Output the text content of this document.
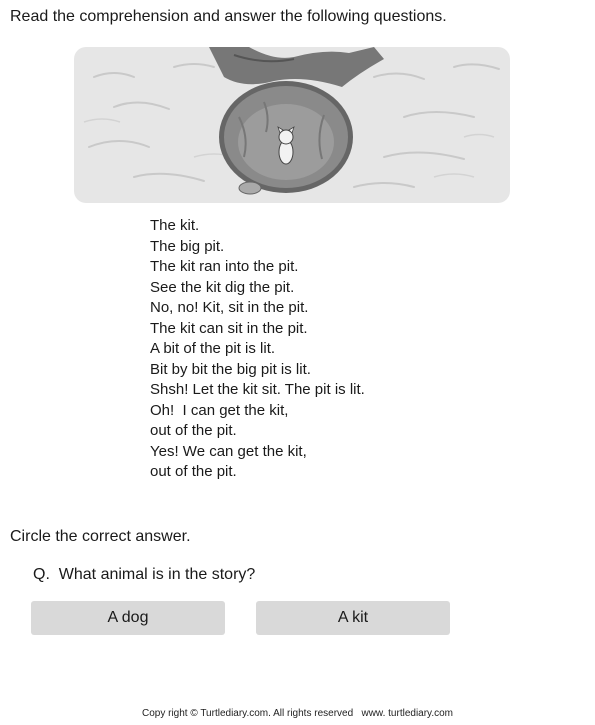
Read the comprehension and answer the following questions.
The kit.
The big pit.
The kit ran into the pit.
See the kit dig the pit.
No, no! Kit, sit in the pit.
The kit can sit in the pit.
A bit of the pit is lit.
Bit by bit the big pit is lit.
Shsh! Let the kit sit. The pit is lit.
Oh!  I can get the kit,
out of the pit.
Yes! We can get the kit,
out of the pit.
Circle the correct answer.
Q.  What animal is in the story?
A dog	A kit
Copy right © Turtlediary.com. All rights reserved   www. turtlediary.com
